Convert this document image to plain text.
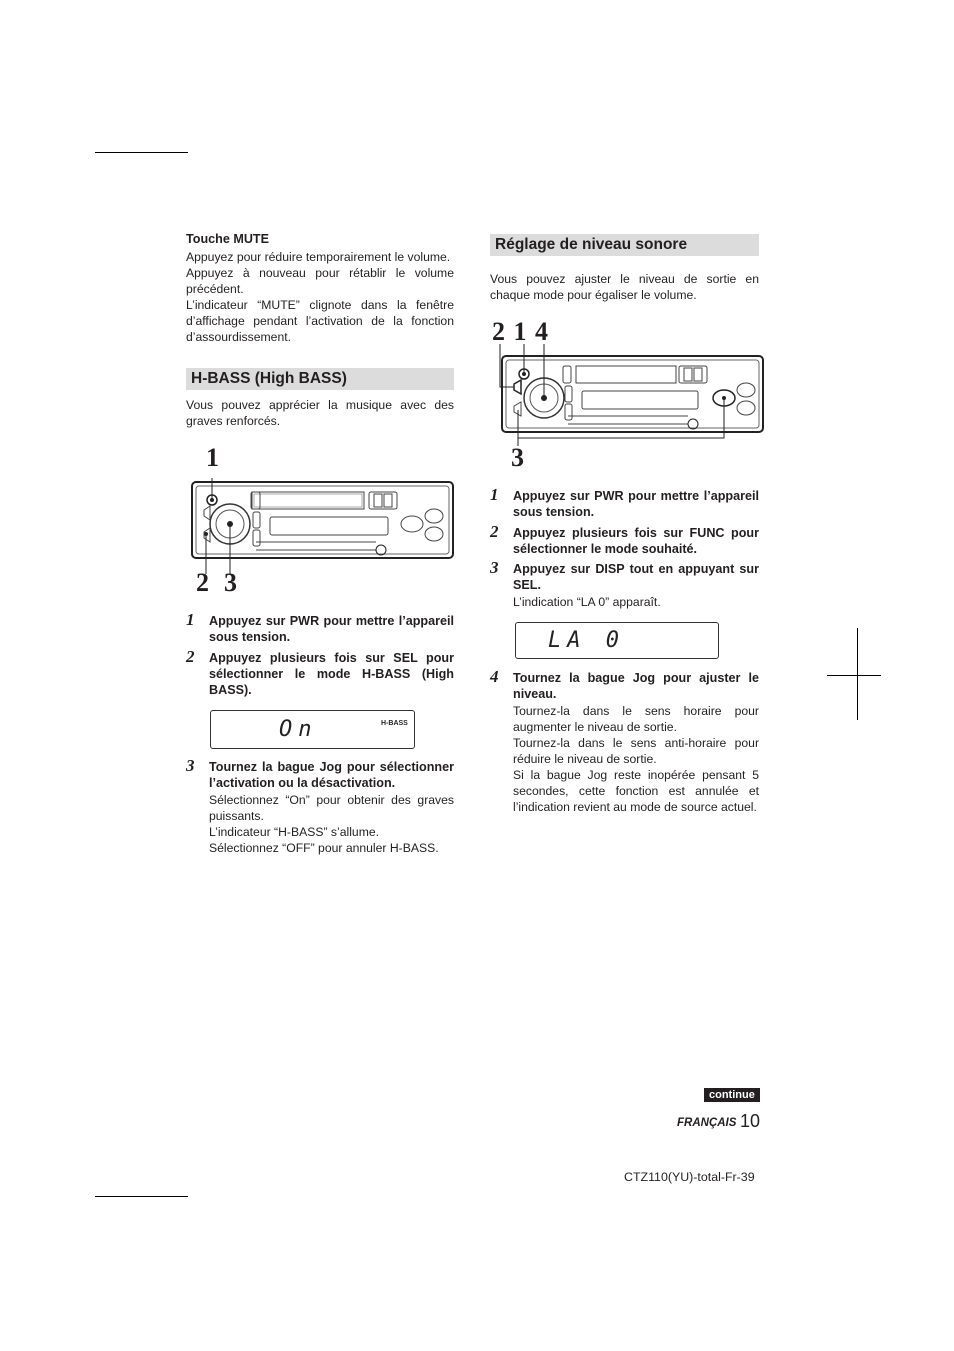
Touche MUTE

Appuyez pour réduire temporairement le volume.

Appuyez à nouveau pour rétablir le volume précédent.

L’indicateur “MUTE” clignote dans la fenêtre d’affichage pendant l’activation de la fonction d’assourdissement.

H-BASS (High BASS)

Vous pouvez apprécier la musique avec des graves renforcés.

1
2 3
1 Appuyez sur PWR pour mettre l’appareil sous tension.

2 Appuyez plusieurs fois sur SEL pour sélectionner le mode H-BASS (High BASS).

On	H-BASS
3 Tournez la bague Jog pour sélectionner l’activation ou la désactivation.

Sélectionnez “On” pour obtenir des graves puissants.

L’indicateur “H-BASS” s’allume.

Sélectionnez “OFF” pour annuler H-BASS.

Réglage de niveau sonore

Vous pouvez ajuster le niveau de sortie en chaque mode pour égaliser le volume.

2 1 4
3
1 Appuyez sur PWR pour mettre l’appareil sous tension.

2 Appuyez plusieurs fois sur FUNC pour sélectionner le mode souhaité.

3 Appuyez sur DISP tout en appuyant sur SEL.

L’indication “LA 0” apparaît.

LA 0
4 Tournez la bague Jog pour ajuster le niveau.

Tournez-la dans le sens horaire pour augmenter le niveau de sortie.

Tournez-la dans le sens anti-horaire pour réduire le niveau de sortie.

Si la bague Jog reste inopérée pensant 5 secondes, cette fonction est annulée et l’indication revient au mode de source actuel.

continue
FRANÇAIS 10
CTZ110(YU)-total-Fr-39
